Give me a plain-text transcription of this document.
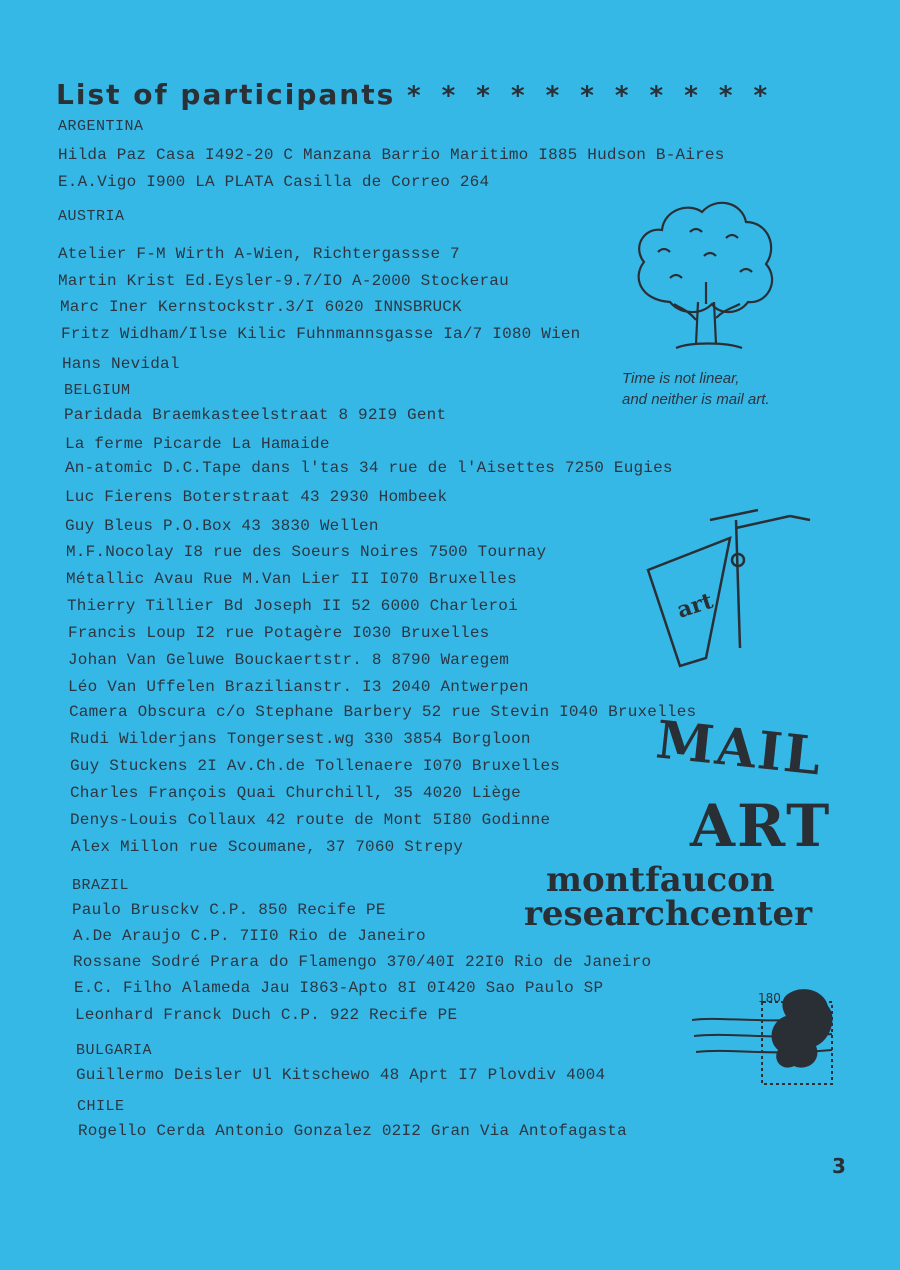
List of participants * * * * * * * * * * *
ARGENTINA
Hilda Paz Casa I492-20 C Manzana Barrio Maritimo I885 Hudson B-Aires
E.A.Vigo I900 LA PLATA Casilla de Correo 264
AUSTRIA
Atelier F-M Wirth A-Wien, Richtergassse 7
Martin Krist Ed.Eysler-9.7/IO A-2000 Stockerau
Marc Iner Kernstockstr.3/I 6020 INNSBRUCK
Fritz Widham/Ilse Kilic Fuhnmannsgasse Ia/7 I080 Wien
Hans Nevidal
BELGIUM
Paridada Braemkasteelstraat 8 92I9 Gent
La ferme Picarde La Hamaide
An-atomic D.C.Tape dans l'tas 34 rue de l'Aisettes 7250 Eugies
Luc Fierens Boterstraat 43 2930 Hombeek
Guy Bleus P.O.Box 43 3830 Wellen
M.F.Nocolay I8 rue des Soeurs Noires 7500 Tournay
Métallic Avau Rue M.Van Lier II I070 Bruxelles
Thierry Tillier Bd Joseph II 52 6000 Charleroi
Francis Loup I2 rue Potagère I030 Bruxelles
Johan Van Geluwe Bouckaertstr. 8 8790 Waregem
Léo Van Uffelen Brazilianstr. I3 2040 Antwerpen
Camera Obscura c/o Stephane Barbery 52 rue Stevin I040 Bruxelles
Rudi Wilderjans Tongersest.wg 330 3854 Borgloon
Guy Stuckens 2I Av.Ch.de Tollenaere I070 Bruxelles
Charles François Quai Churchill, 35 4020 Liège
Denys-Louis Collaux 42 route de Mont 5I80 Godinne
Alex Millon rue Scoumane, 37 7060 Strepy
BRAZIL
Paulo Brusckv C.P. 850 Recife PE
A.De Araujo C.P. 7II0 Rio de Janeiro
Rossane Sodré Prara do Flamengo 370/40I 22I0 Rio de Janeiro
E.C. Filho Alameda Jau I863-Apto 8I 0I420 Sao Paulo SP
Leonhard Franck Duch C.P. 922 Recife PE
BULGARIA
Guillermo Deisler Ul Kitschewo 48 Aprt I7 Plovdiv 4004
CHILE
Rogello Cerda Antonio Gonzalez 02I2 Gran Via Antofagasta
Time is not linear,
and neither is mail art.
art
MAIL
ART
montfaucon
researchcenter
180
3
